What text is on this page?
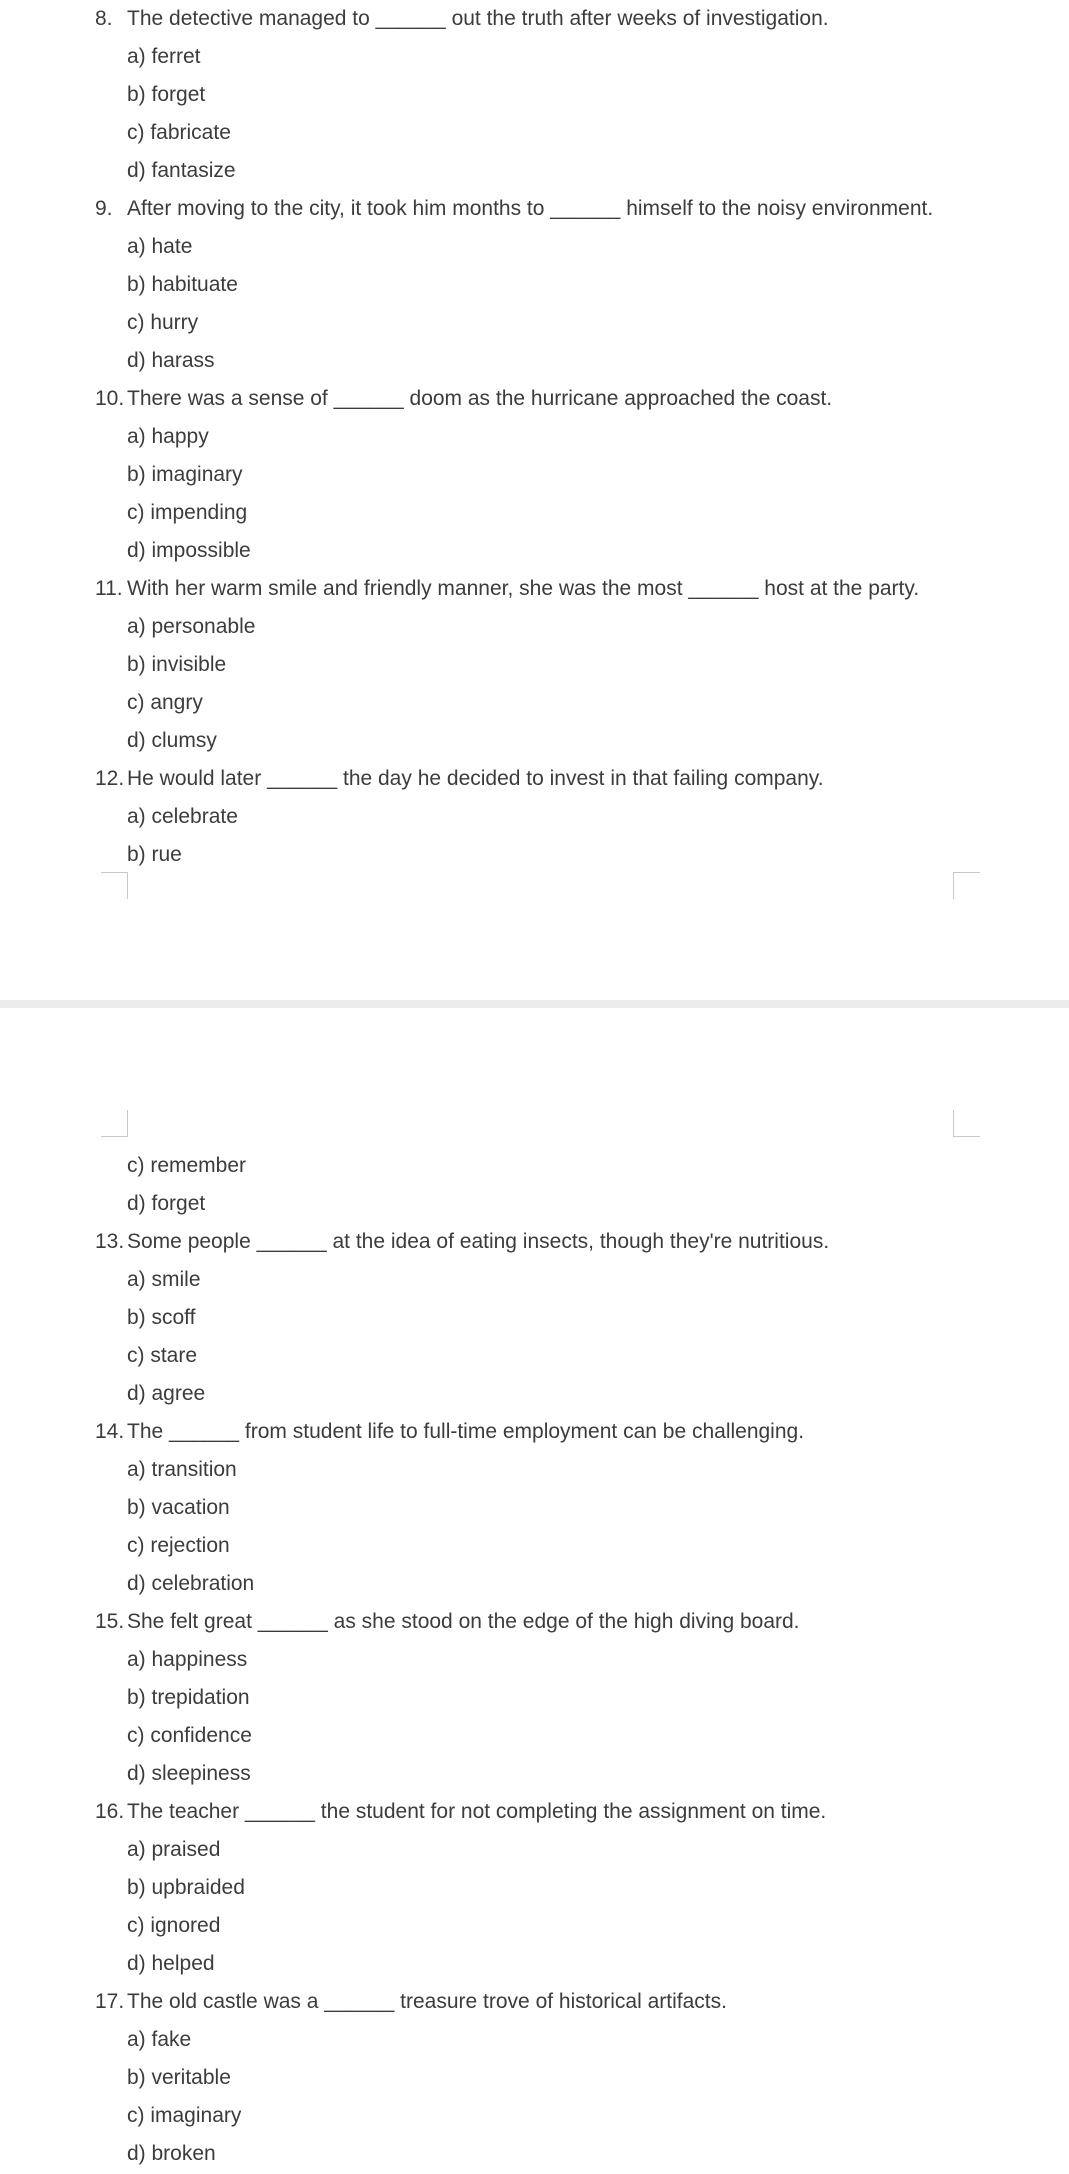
8. The detective managed to ______ out the truth after weeks of investigation.
a) ferret
b) forget
c) fabricate
d) fantasize
9. After moving to the city, it took him months to ______ himself to the noisy environment.
a) hate
b) habituate
c) hurry
d) harass
10. There was a sense of ______ doom as the hurricane approached the coast.
a) happy
b) imaginary
c) impending
d) impossible
11. With her warm smile and friendly manner, she was the most ______ host at the party.
a) personable
b) invisible
c) angry
d) clumsy
12. He would later ______ the day he decided to invest in that failing company.
a) celebrate
b) rue
c) remember
d) forget
13. Some people ______ at the idea of eating insects, though they're nutritious.
a) smile
b) scoff
c) stare
d) agree
14. The ______ from student life to full-time employment can be challenging.
a) transition
b) vacation
c) rejection
d) celebration
15. She felt great ______ as she stood on the edge of the high diving board.
a) happiness
b) trepidation
c) confidence
d) sleepiness
16. The teacher ______ the student for not completing the assignment on time.
a) praised
b) upbraided
c) ignored
d) helped
17. The old castle was a ______ treasure trove of historical artifacts.
a) fake
b) veritable
c) imaginary
d) broken
